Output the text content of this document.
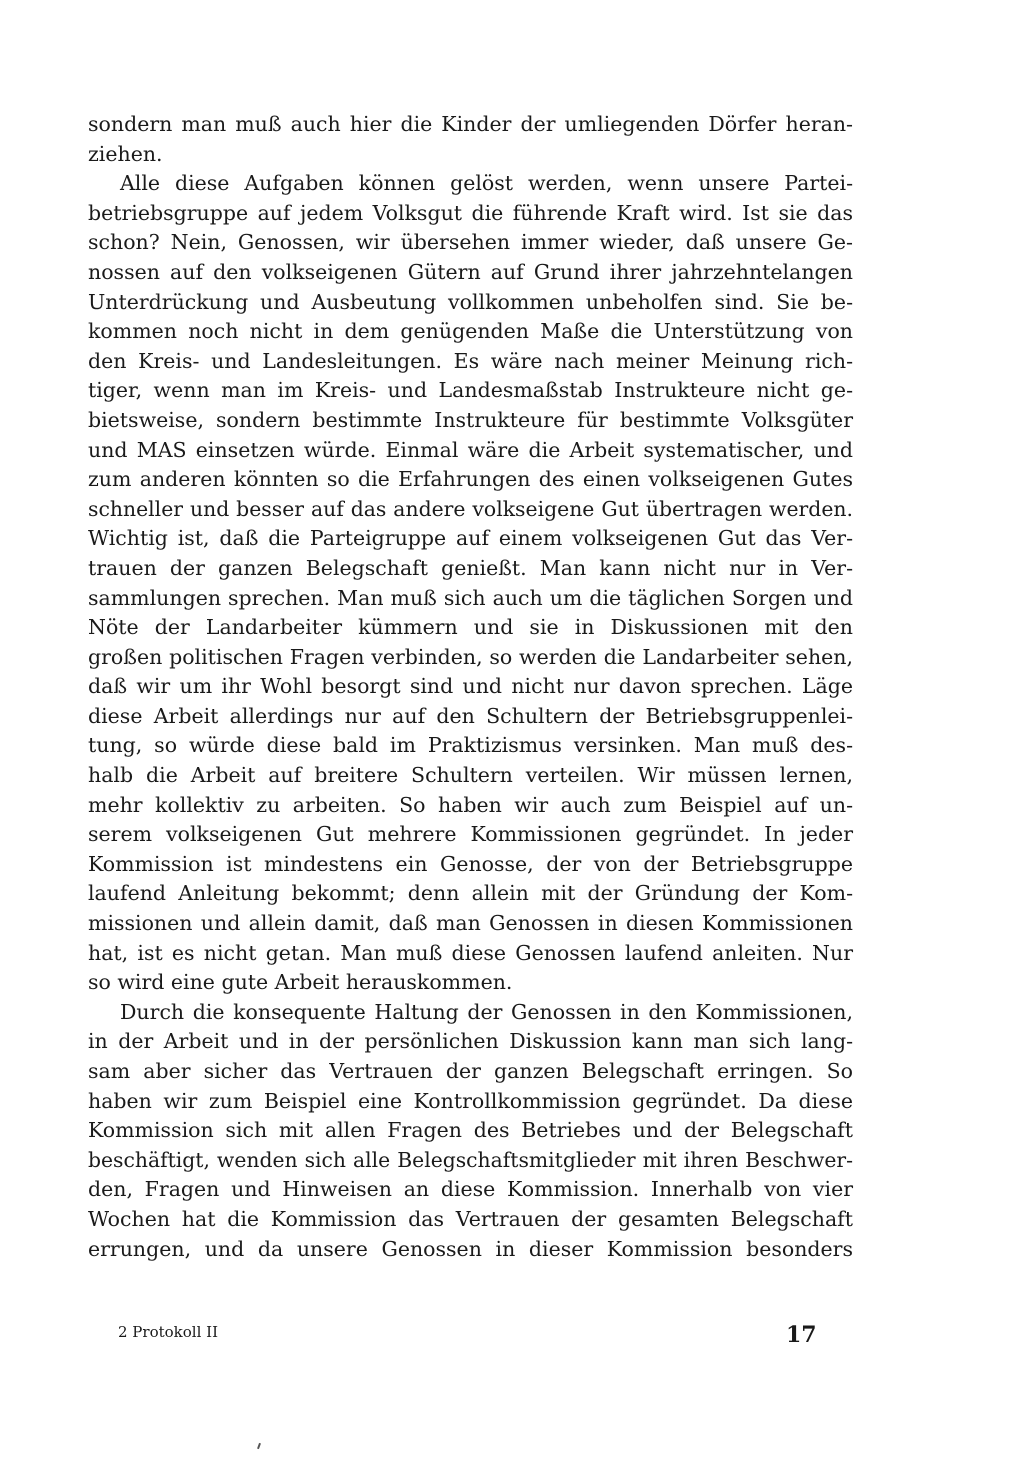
sondern man muß auch hier die Kinder der umliegenden Dörfer heran-
ziehen.
Alle diese Aufgaben können gelöst werden, wenn unsere Partei-
betriebsgruppe auf jedem Volksgut die führende Kraft wird. Ist sie das
schon? Nein, Genossen, wir übersehen immer wieder, daß unsere Ge-
nossen auf den volkseigenen Gütern auf Grund ihrer jahrzehntelangen
Unterdrückung und Ausbeutung vollkommen unbeholfen sind. Sie be-
kommen noch nicht in dem genügenden Maße die Unterstützung von
den Kreis- und Landesleitungen. Es wäre nach meiner Meinung rich-
tiger, wenn man im Kreis- und Landesmaßstab Instrukteure nicht ge-
bietsweise, sondern bestimmte Instrukteure für bestimmte Volksgüter
und MAS einsetzen würde. Einmal wäre die Arbeit systematischer, und
zum anderen könnten so die Erfahrungen des einen volkseigenen Gutes
schneller und besser auf das andere volkseigene Gut übertragen werden.
Wichtig ist, daß die Parteigruppe auf einem volkseigenen Gut das Ver-
trauen der ganzen Belegschaft genießt. Man kann nicht nur in Ver-
sammlungen sprechen. Man muß sich auch um die täglichen Sorgen und
Nöte der Landarbeiter kümmern und sie in Diskussionen mit den
großen politischen Fragen verbinden, so werden die Landarbeiter sehen,
daß wir um ihr Wohl besorgt sind und nicht nur davon sprechen. Läge
diese Arbeit allerdings nur auf den Schultern der Betriebsgruppenlei-
tung, so würde diese bald im Praktizismus versinken. Man muß des-
halb die Arbeit auf breitere Schultern verteilen. Wir müssen lernen,
mehr kollektiv zu arbeiten. So haben wir auch zum Beispiel auf un-
serem volkseigenen Gut mehrere Kommissionen gegründet. In jeder
Kommission ist mindestens ein Genosse, der von der Betriebsgruppe
laufend Anleitung bekommt; denn allein mit der Gründung der Kom-
missionen und allein damit, daß man Genossen in diesen Kommissionen
hat, ist es nicht getan. Man muß diese Genossen laufend anleiten. Nur
so wird eine gute Arbeit herauskommen.
Durch die konsequente Haltung der Genossen in den Kommissionen,
in der Arbeit und in der persönlichen Diskussion kann man sich lang-
sam aber sicher das Vertrauen der ganzen Belegschaft erringen. So
haben wir zum Beispiel eine Kontrollkommission gegründet. Da diese
Kommission sich mit allen Fragen des Betriebes und der Belegschaft
beschäftigt, wenden sich alle Belegschaftsmitglieder mit ihren Beschwer-
den, Fragen und Hinweisen an diese Kommission. Innerhalb von vier
Wochen hat die Kommission das Vertrauen der gesamten Belegschaft
errungen, und da unsere Genossen in dieser Kommission besonders
2 Protokoll II	17
